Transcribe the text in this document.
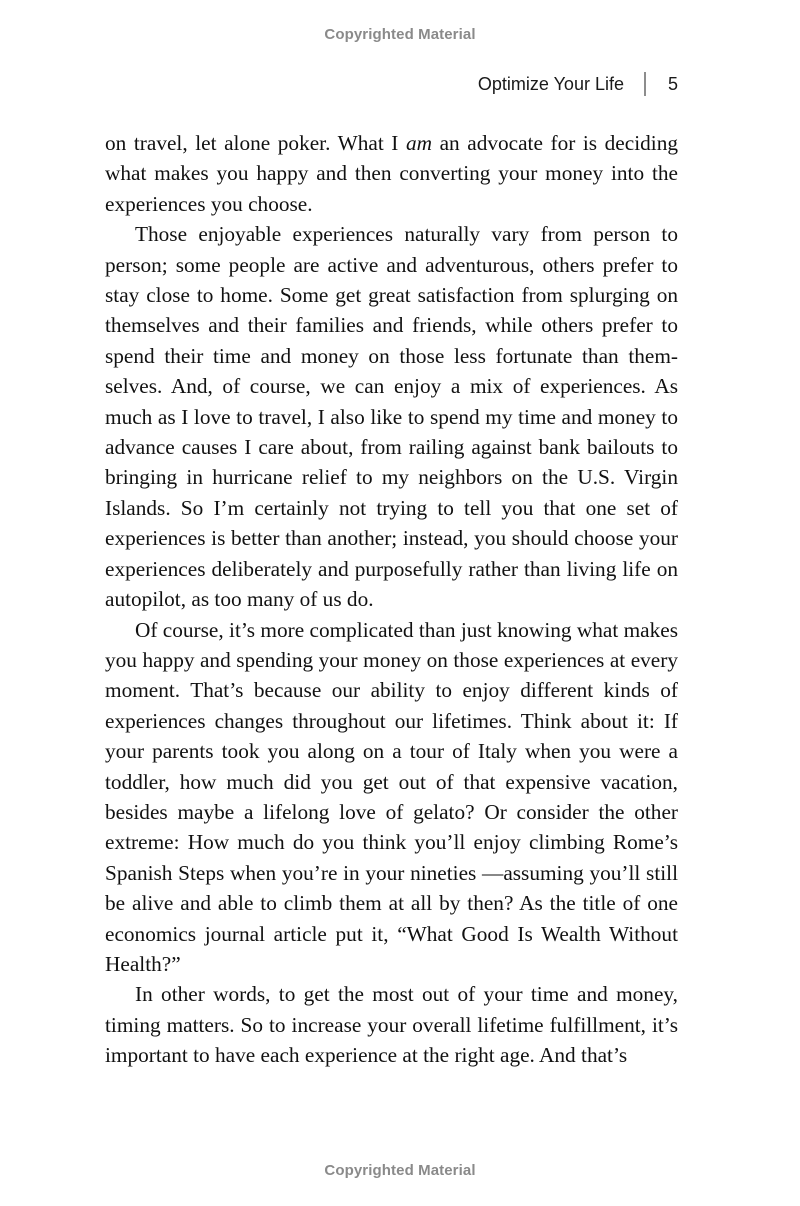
Copyrighted Material
Optimize Your Life 5

on travel, let alone poker. What I am an advocate for is deciding what makes you happy and then converting your money into the experiences you choose.

Those enjoyable experiences naturally vary from person to person; some people are active and adventurous, others prefer to stay close to home. Some get great satisfaction from splurging on themselves and their families and friends, while others prefer to spend their time and money on those less fortunate than themselves. And, of course, we can enjoy a mix of experiences. As much as I love to travel, I also like to spend my time and money to advance causes I care about, from railing against bank bailouts to bringing in hurricane relief to my neighbors on the U.S. Virgin Islands. So I’m certainly not trying to tell you that one set of experiences is better than another; instead, you should choose your experiences deliberately and purposefully rather than living life on autopilot, as too many of us do.

Of course, it’s more complicated than just knowing what makes you happy and spending your money on those experiences at every moment. That’s because our ability to enjoy different kinds of experiences changes throughout our lifetimes. Think about it: If your parents took you along on a tour of Italy when you were a toddler, how much did you get out of that expensive vacation, besides maybe a lifelong love of gelato? Or consider the other extreme: How much do you think you’ll enjoy climbing Rome’s Spanish Steps when you’re in your nineties —assuming you’ll still be alive and able to climb them at all by then? As the title of one economics journal article put it, “What Good Is Wealth Without Health?”

In other words, to get the most out of your time and money, timing matters. So to increase your overall lifetime fulfillment, it’s important to have each experience at the right age. And that’s

Copyrighted Material
